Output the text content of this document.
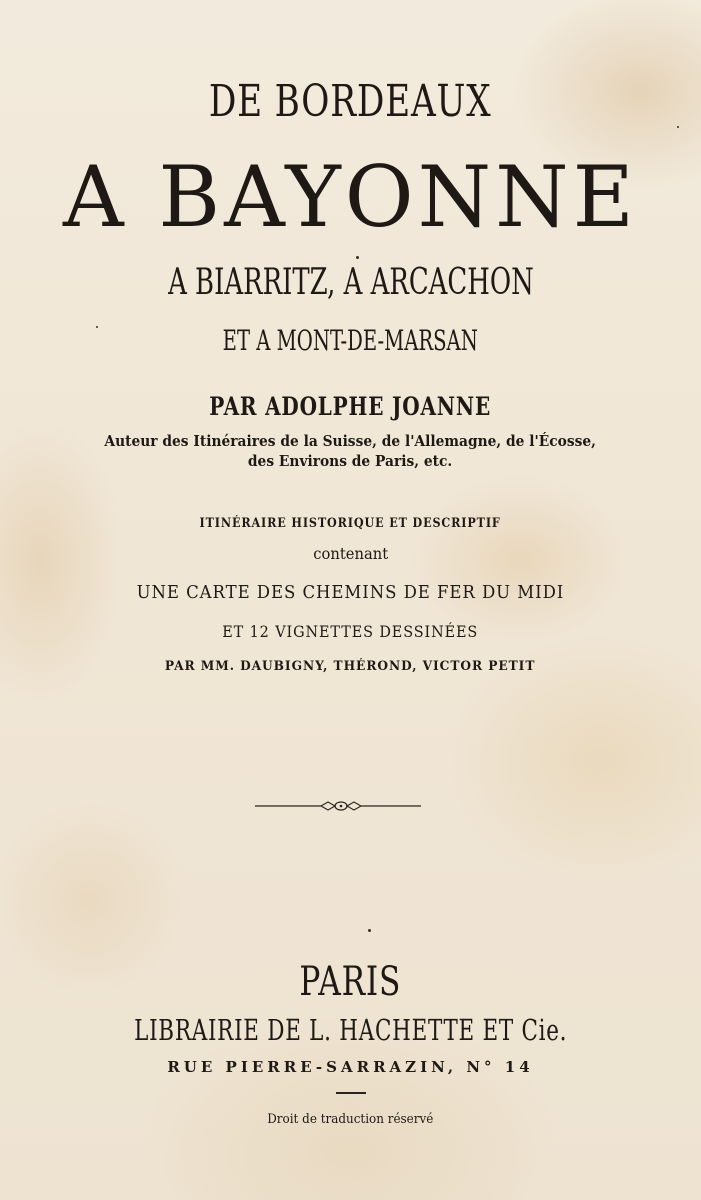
DE BORDEAUX
A BAYONNE
A BIARRITZ, A ARCACHON
ET A MONT-DE-MARSAN
PAR ADOLPHE JOANNE
Auteur des Itinéraires de la Suisse, de l'Allemagne, de l'Écosse,
des Environs de Paris, etc.
ITINÉRAIRE HISTORIQUE ET DESCRIPTIF
contenant
UNE CARTE DES CHEMINS DE FER DU MIDI
ET 12 VIGNETTES DESSINÉES
PAR MM. DAUBIGNY, THÉROND, VICTOR PETIT
PARIS
LIBRAIRIE DE L. HACHETTE ET Cie.
RUE PIERRE-SARRAZIN, N° 14
Droit de traduction réservé
